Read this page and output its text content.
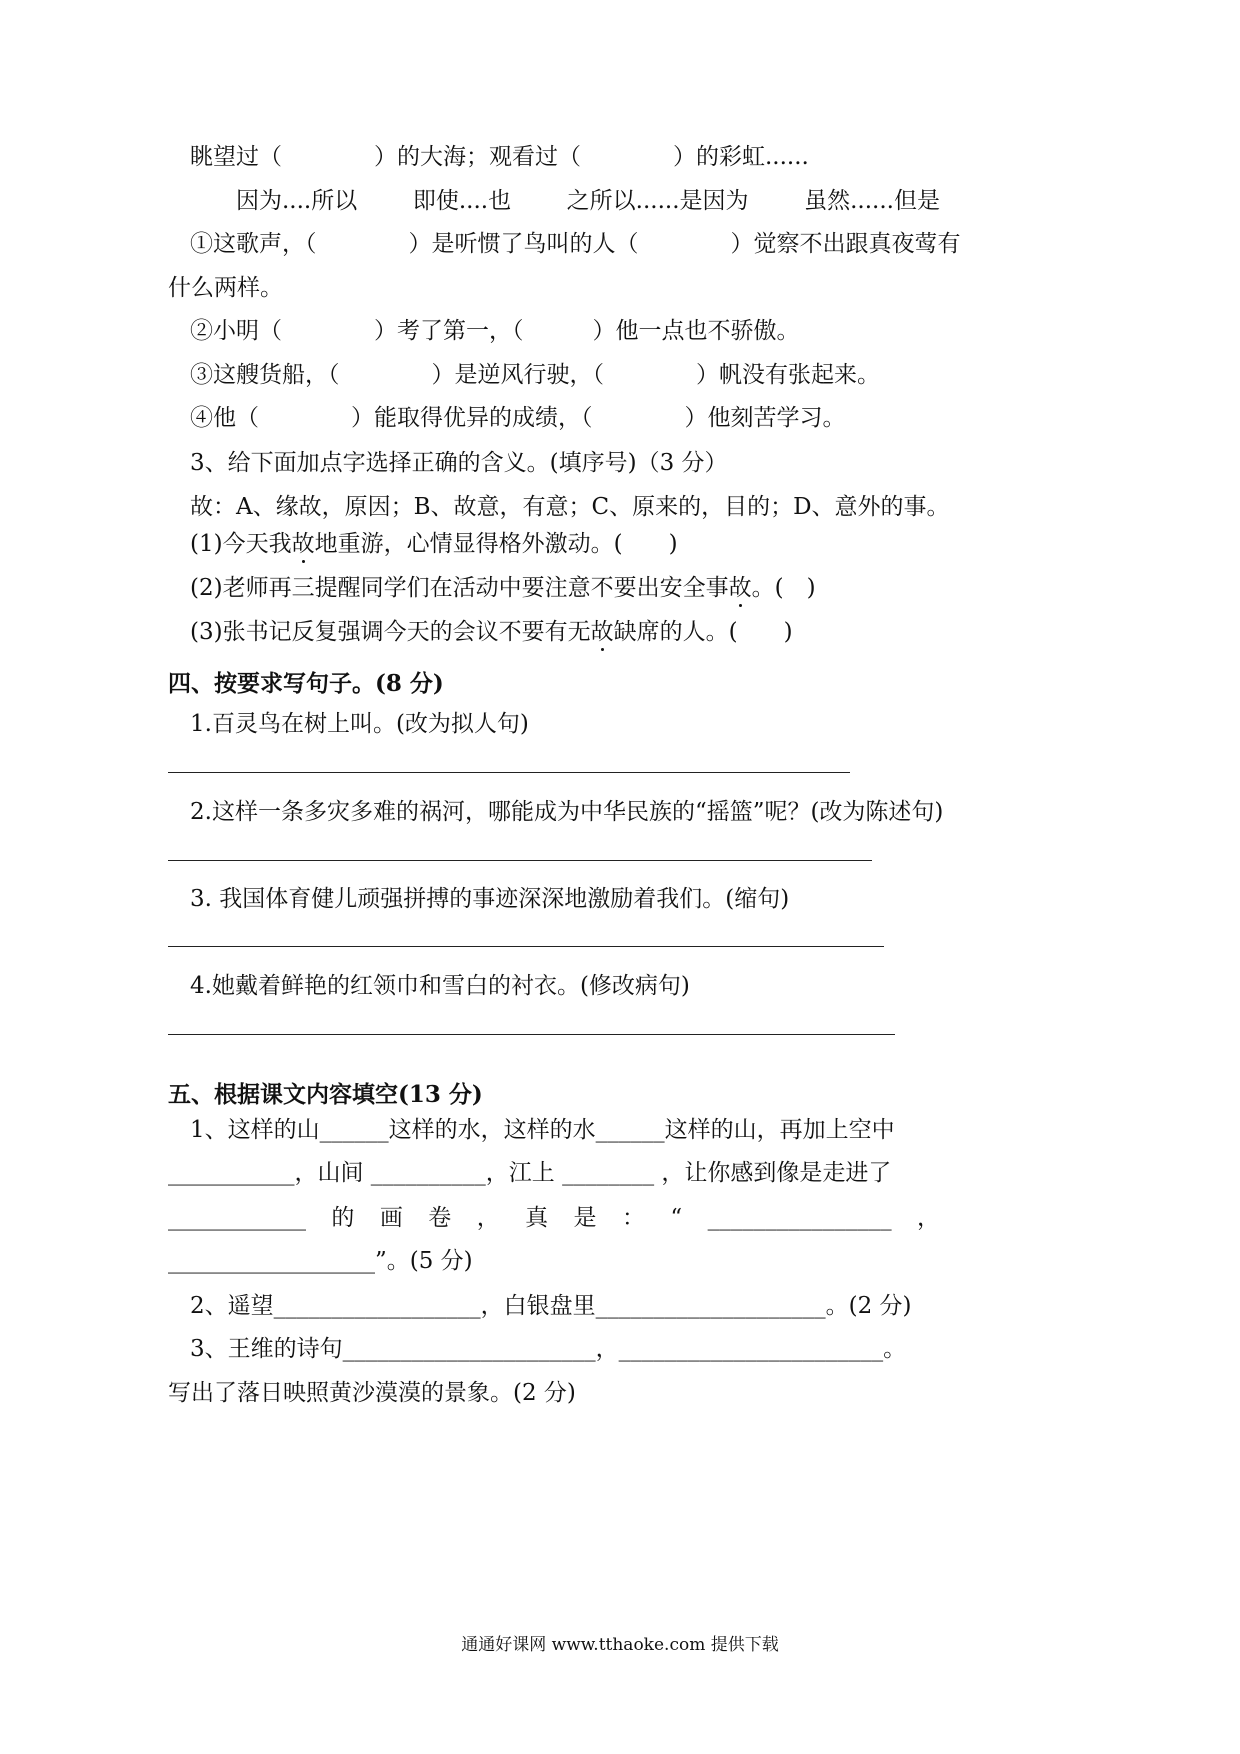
眺望过（　　　　）的大海；观看过（　　　　）的彩虹......
因为....所以 即使....也 之所以......是因为 虽然......但是
①这歌声，（　　　　）是听惯了鸟叫的人（　　　　）觉察不出跟真夜莺有
什么两样。
②小明（　　　　）考了第一，（　　　）他一点也不骄傲。
③这艘货船，（　　　　）是逆风行驶，（　　　　）帆没有张起来。
④他（　　　　）能取得优异的成绩，（　　　　）他刻苦学习。
3、给下面加点字选择正确的含义。(填序号)（3 分）
故：A、缘故，原因；B、故意，有意；C、原来的，目的；D、意外的事。
(1)今天我故地重游，心情显得格外激动。(　　)
(2)老师再三提醒同学们在活动中要注意不要出安全事故。(　)
(3)张书记反复强调今天的会议不要有无故缺席的人。(　　)
四、按要求写句子。(8 分)
1.百灵鸟在树上叫。(改为拟人句)
2.这样一条多灾多难的祸河，哪能成为中华民族的“摇篮”呢？(改为陈述句)
3. 我国体育健儿顽强拼搏的事迹深深地激励着我们。(缩句)
4.她戴着鲜艳的红领巾和雪白的衬衣。(修改病句)
五、根据课文内容填空(13 分)
1、这样的山______这样的水，这样的水______这样的山，再加上空中
___________，山间 __________，江上 ________ ，让你感到像是走进了
____________ 的 画 卷 ， 真 是 ： “ ________________ ，
__________________”。(5 分)
2、遥望__________________，白银盘里____________________。(2 分)
3、王维的诗句______________________，_______________________。
写出了落日映照黄沙漠漠的景象。(2 分)
通通好课网 www.tthaoke.com 提供下载
